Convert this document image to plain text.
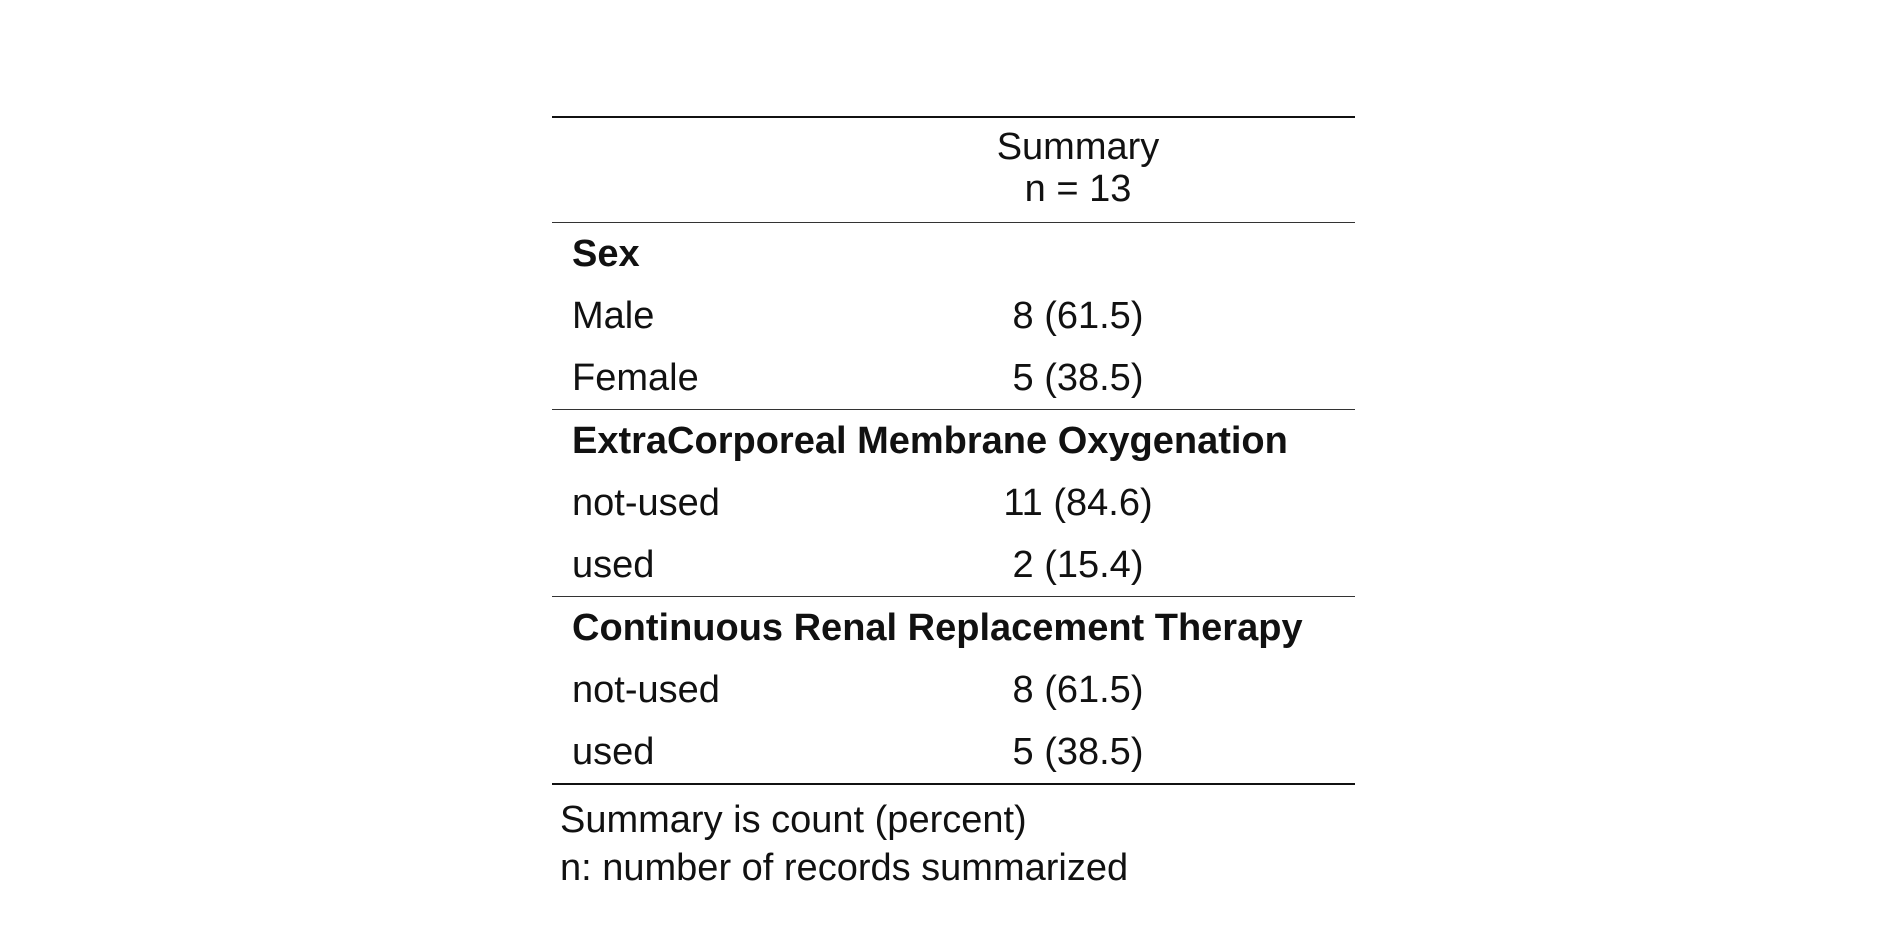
Summary
n = 13
Sex
Male	8 (61.5)
Female	5 (38.5)
ExtraCorporeal Membrane Oxygenation
not-used	11 (84.6)
used	2 (15.4)
Continuous Renal Replacement Therapy
not-used	8 (61.5)
used	5 (38.5)
Summary is count (percent)
n: number of records summarized
